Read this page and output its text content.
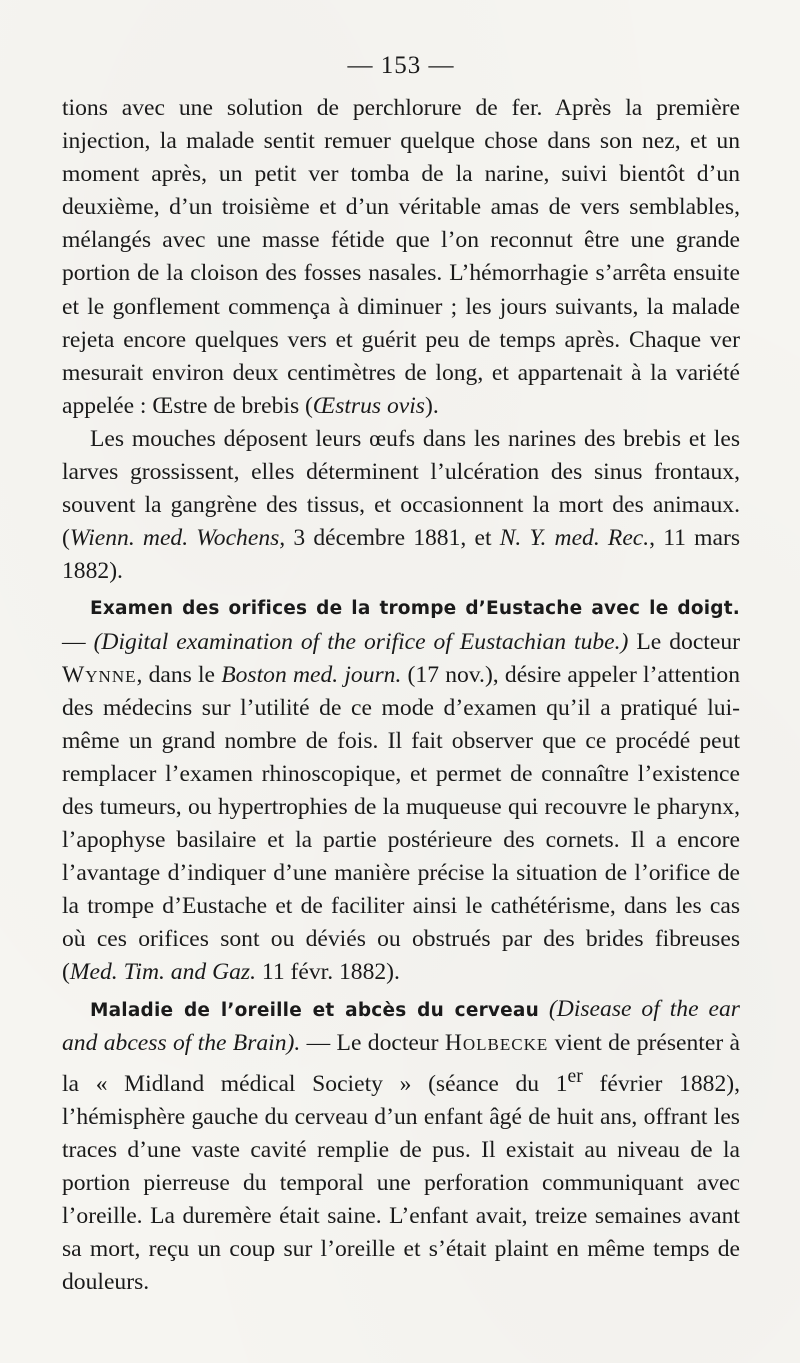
— 153 —

tions avec une solution de perchlorure de fer. Après la première injection, la malade sentit remuer quelque chose dans son nez, et un moment après, un petit ver tomba de la narine, suivi bientôt d’un deuxième, d’un troisième et d’un véritable amas de vers semblables, mélangés avec une masse fétide que l’on reconnut être une grande portion de la cloison des fosses nasales. L’hémorrhagie s’arrêta ensuite et le gonflement commença à diminuer ; les jours suivants, la malade rejeta encore quelques vers et guérit peu de temps après. Chaque ver mesurait environ deux centimètres de long, et appartenait à la variété appelée : Œstre de brebis (Œstrus ovis).

Les mouches déposent leurs œufs dans les narines des brebis et les larves grossissent, elles déterminent l’ulcération des sinus frontaux, souvent la gangrène des tissus, et occasionnent la mort des animaux. (Wienn. med. Wochens, 3 décembre 1881, et N. Y. med. Rec., 11 mars 1882).

Examen des orifices de la trompe d’Eustache avec le doigt. — (Digital examination of the orifice of Eustachian tube.) Le docteur Wynne, dans le Boston med. journ. (17 nov.), désire appeler l’attention des médecins sur l’utilité de ce mode d’examen qu’il a pratiqué lui-même un grand nombre de fois. Il fait observer que ce procédé peut remplacer l’examen rhinoscopique, et permet de connaître l’existence des tumeurs, ou hypertrophies de la muqueuse qui recouvre le pharynx, l’apophyse basilaire et la partie postérieure des cornets. Il a encore l’avantage d’indiquer d’une manière précise la situation de l’orifice de la trompe d’Eustache et de faciliter ainsi le cathétérisme, dans les cas où ces orifices sont ou déviés ou obstrués par des brides fibreuses (Med. Tim. and Gaz. 11 févr. 1882).

Maladie de l’oreille et abcès du cerveau (Disease of the ear and abcess of the Brain). — Le docteur Holbecke vient de présenter à la « Midland médical Society » (séance du 1er février 1882), l’hémisphère gauche du cerveau d’un enfant âgé de huit ans, offrant les traces d’une vaste cavité remplie de pus. Il existait au niveau de la portion pierreuse du temporal une perforation communiquant avec l’oreille. La duremère était saine. L’enfant avait, treize semaines avant sa mort, reçu un coup sur l’oreille et s’était plaint en même temps de douleurs.
